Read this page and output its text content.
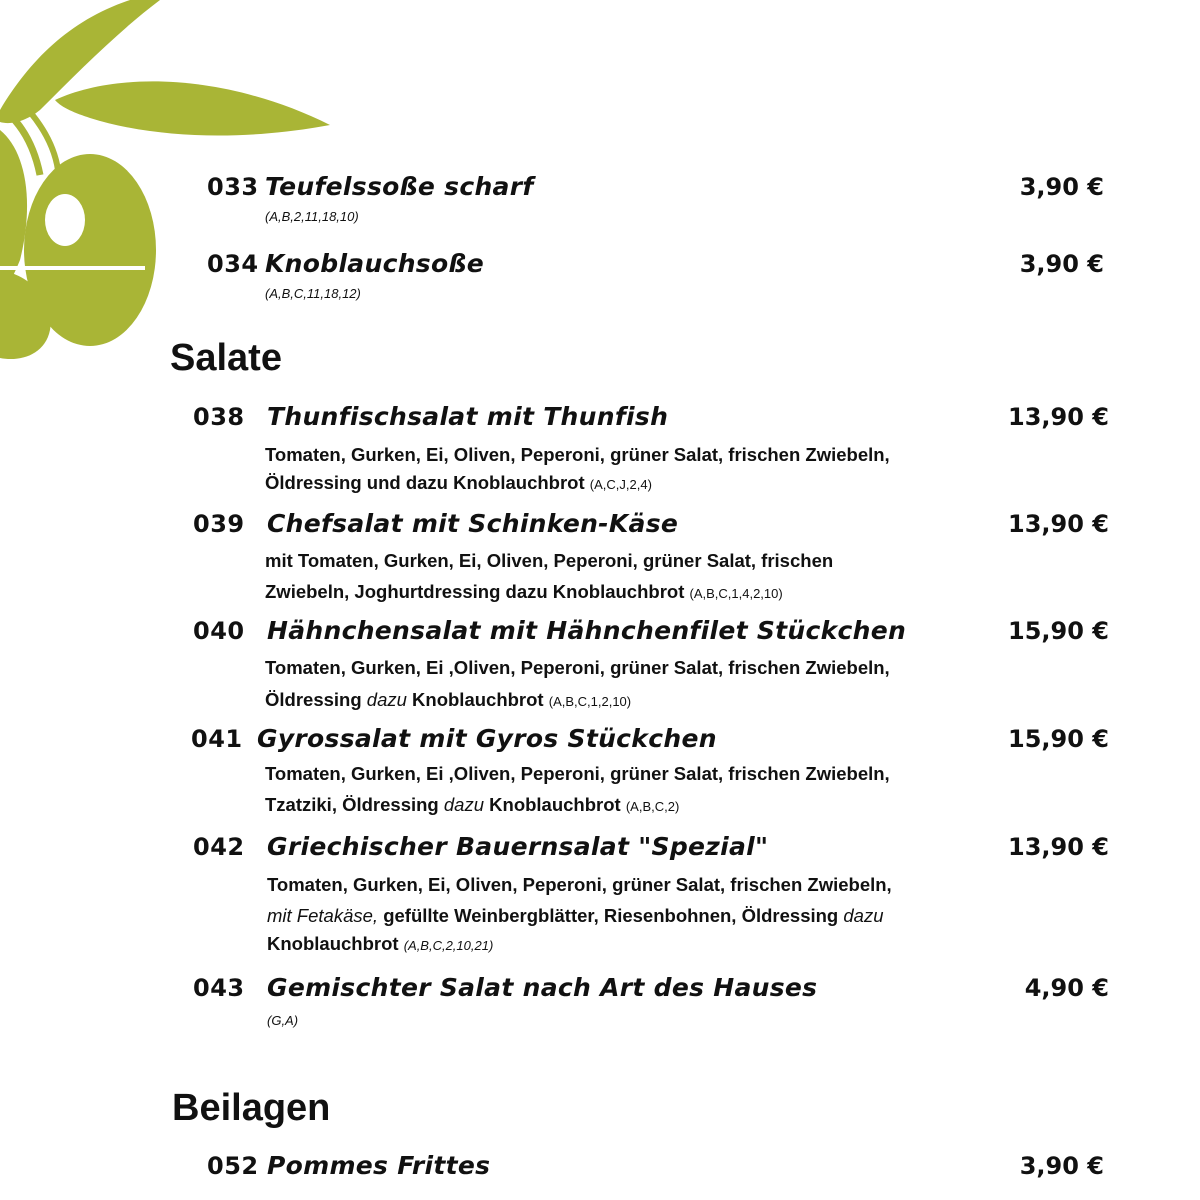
033 Teufelssoße scharf	3,90 €
(A,B,2,11,18,10)
034 Knoblauchsoße	3,90 €
(A,B,C,11,18,12)
Salate
038 Thunfischsalat mit Thunfish	13,90 €
Tomaten, Gurken, Ei, Oliven, Peperoni, grüner Salat, frischen Zwiebeln,
Öldressing und dazu Knoblauchbrot (A,C,J,2,4)
039 Chefsalat mit Schinken-Käse	13,90 €
mit Tomaten, Gurken, Ei, Oliven, Peperoni, grüner Salat, frischen
Zwiebeln, Joghurtdressing dazu Knoblauchbrot (A,B,C,1,4,2,10)
040 Hähnchensalat mit Hähnchenfilet Stückchen	15,90 €
Tomaten, Gurken, Ei ,Oliven, Peperoni, grüner Salat, frischen Zwiebeln,
Öldressing dazu Knoblauchbrot (A,B,C,1,2,10)
041 Gyrossalat mit Gyros Stückchen	15,90 €
Tomaten, Gurken, Ei ,Oliven, Peperoni, grüner Salat, frischen Zwiebeln,
Tzatziki, Öldressing dazu Knoblauchbrot (A,B,C,2)
042 Griechischer Bauernsalat "Spezial"	13,90 €
Tomaten, Gurken, Ei, Oliven, Peperoni, grüner Salat, frischen Zwiebeln,
mit Fetakäse, gefüllte Weinbergblätter, Riesenbohnen, Öldressing dazu
Knoblauchbrot (A,B,C,2,10,21)
043 Gemischter Salat nach Art des Hauses	4,90 €
(G,A)
Beilagen
052 Pommes Frittes	3,90 €
